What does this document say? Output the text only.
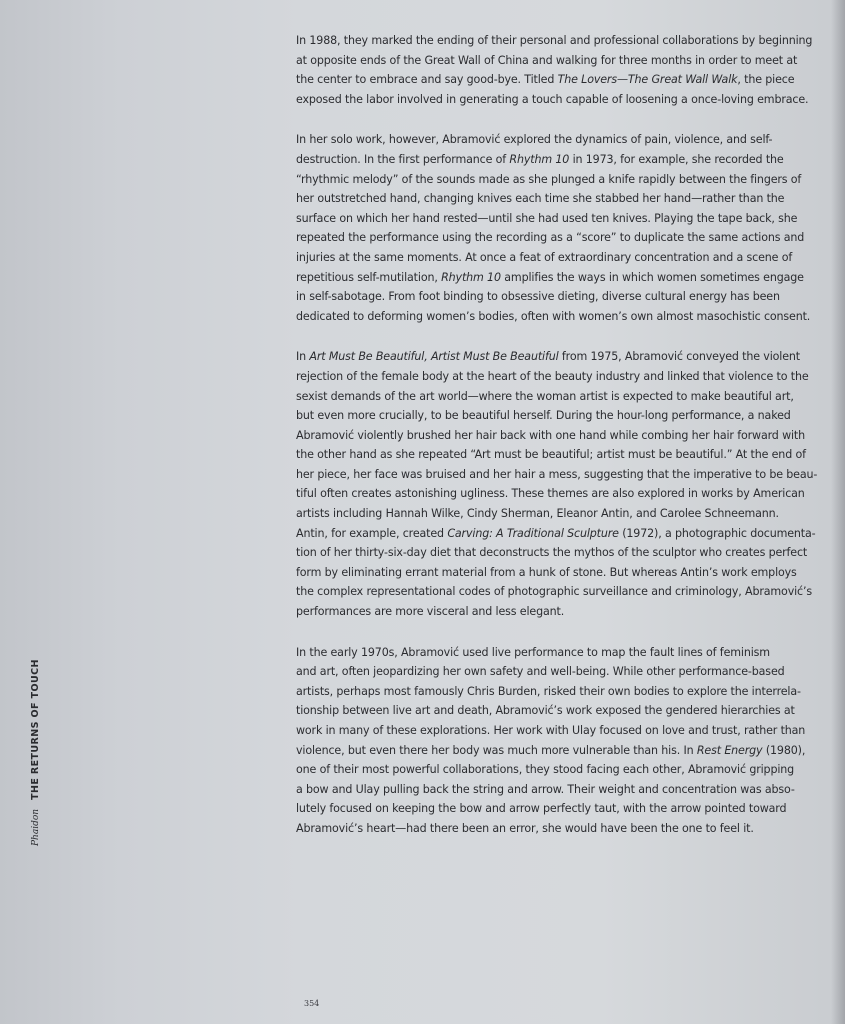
In 1988, they marked the ending of their personal and professional collaborations by beginning
at opposite ends of the Great Wall of China and walking for three months in order to meet at
the center to embrace and say good-bye. Titled The Lovers—The Great Wall Walk, the piece
exposed the labor involved in generating a touch capable of loosening a once-loving embrace.
In her solo work, however, Abramović explored the dynamics of pain, violence, and self-
destruction. In the first performance of Rhythm 10 in 1973, for example, she recorded the
“rhythmic melody” of the sounds made as she plunged a knife rapidly between the fingers of
her outstretched hand, changing knives each time she stabbed her hand—rather than the
surface on which her hand rested—until she had used ten knives. Playing the tape back, she
repeated the performance using the recording as a “score” to duplicate the same actions and
injuries at the same moments. At once a feat of extraordinary concentration and a scene of
repetitious self-mutilation, Rhythm 10 amplifies the ways in which women sometimes engage
in self-sabotage. From foot binding to obsessive dieting, diverse cultural energy has been
dedicated to deforming women’s bodies, often with women’s own almost masochistic consent.
In Art Must Be Beautiful, Artist Must Be Beautiful from 1975, Abramović conveyed the violent
rejection of the female body at the heart of the beauty industry and linked that violence to the
sexist demands of the art world—where the woman artist is expected to make beautiful art,
but even more crucially, to be beautiful herself. During the hour-long performance, a naked
Abramović violently brushed her hair back with one hand while combing her hair forward with
the other hand as she repeated “Art must be beautiful; artist must be beautiful.” At the end of
her piece, her face was bruised and her hair a mess, suggesting that the imperative to be beau-
tiful often creates astonishing ugliness. These themes are also explored in works by American
artists including Hannah Wilke, Cindy Sherman, Eleanor Antin, and Carolee Schneemann.
Antin, for example, created Carving: A Traditional Sculpture (1972), a photographic documenta-
tion of her thirty-six-day diet that deconstructs the mythos of the sculptor who creates perfect
form by eliminating errant material from a hunk of stone. But whereas Antin’s work employs
the complex representational codes of photographic surveillance and criminology, Abramović’s
performances are more visceral and less elegant.
In the early 1970s, Abramović used live performance to map the fault lines of feminism
and art, often jeopardizing her own safety and well-being. While other performance-based
artists, perhaps most famously Chris Burden, risked their own bodies to explore the interrela-
tionship between live art and death, Abramović’s work exposed the gendered hierarchies at
work in many of these explorations. Her work with Ulay focused on love and trust, rather than
violence, but even there her body was much more vulnerable than his. In Rest Energy (1980),
one of their most powerful collaborations, they stood facing each other, Abramović gripping
a bow and Ulay pulling back the string and arrow. Their weight and concentration was abso-
lutely focused on keeping the bow and arrow perfectly taut, with the arrow pointed toward
Abramović’s heart—had there been an error, she would have been the one to feel it.
Phaidon THE RETURNS OF TOUCH
354
